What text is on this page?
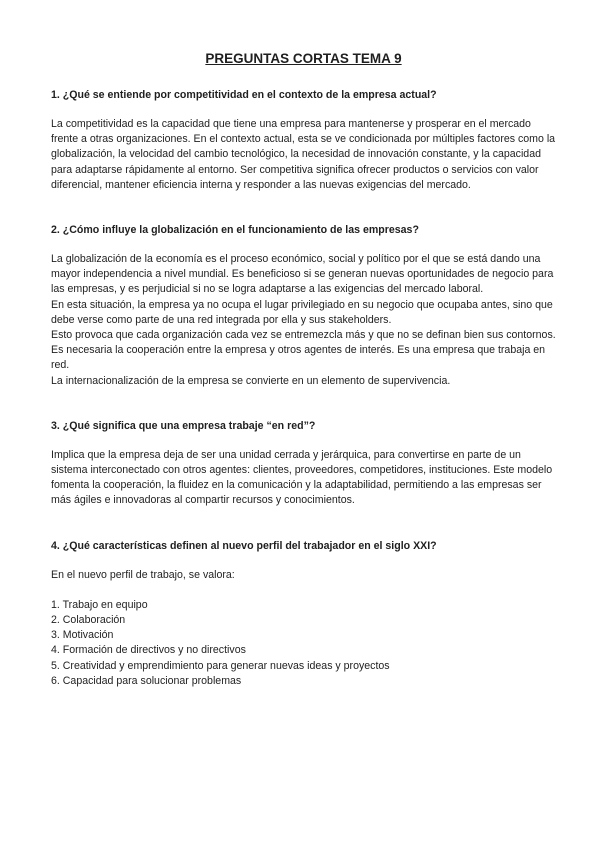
PREGUNTAS CORTAS TEMA 9

1. ¿Qué se entiende por competitividad en el contexto de la empresa actual?

La competitividad es la capacidad que tiene una empresa para mantenerse y prosperar en el mercado frente a otras organizaciones. En el contexto actual, esta se ve condicionada por múltiples factores como la globalización, la velocidad del cambio tecnológico, la necesidad de innovación constante, y la capacidad para adaptarse rápidamente al entorno. Ser competitiva significa ofrecer productos o servicios con valor diferencial, mantener eficiencia interna y responder a las nuevas exigencias del mercado.

2. ¿Cómo influye la globalización en el funcionamiento de las empresas?

La globalización de la economía es el proceso económico, social y político por el que se está dando una mayor independencia a nivel mundial. Es beneficioso si se generan nuevas oportunidades de negocio para las empresas, y es perjudicial si no se logra adaptarse a las exigencias del mercado laboral.

En esta situación, la empresa ya no ocupa el lugar privilegiado en su negocio que ocupaba antes, sino que debe verse como parte de una red integrada por ella y sus stakeholders.

Esto provoca que cada organización cada vez se entremezcla más y que no se definan bien sus contornos. Es necesaria la cooperación entre la empresa y otros agentes de interés. Es una empresa que trabaja en red.

La internacionalización de la empresa se convierte en un elemento de supervivencia.

3. ¿Qué significa que una empresa trabaje “en red”?

Implica que la empresa deja de ser una unidad cerrada y jerárquica, para convertirse en parte de un sistema interconectado con otros agentes: clientes, proveedores, competidores, instituciones. Este modelo fomenta la cooperación, la fluidez en la comunicación y la adaptabilidad, permitiendo a las empresas ser más ágiles e innovadoras al compartir recursos y conocimientos.

4. ¿Qué características definen al nuevo perfil del trabajador en el siglo XXI?

En el nuevo perfil de trabajo, se valora:

1. Trabajo en equipo
2. Colaboración
3. Motivación
4. Formación de directivos y no directivos
5. Creatividad y emprendimiento para generar nuevas ideas y proyectos
6. Capacidad para solucionar problemas
